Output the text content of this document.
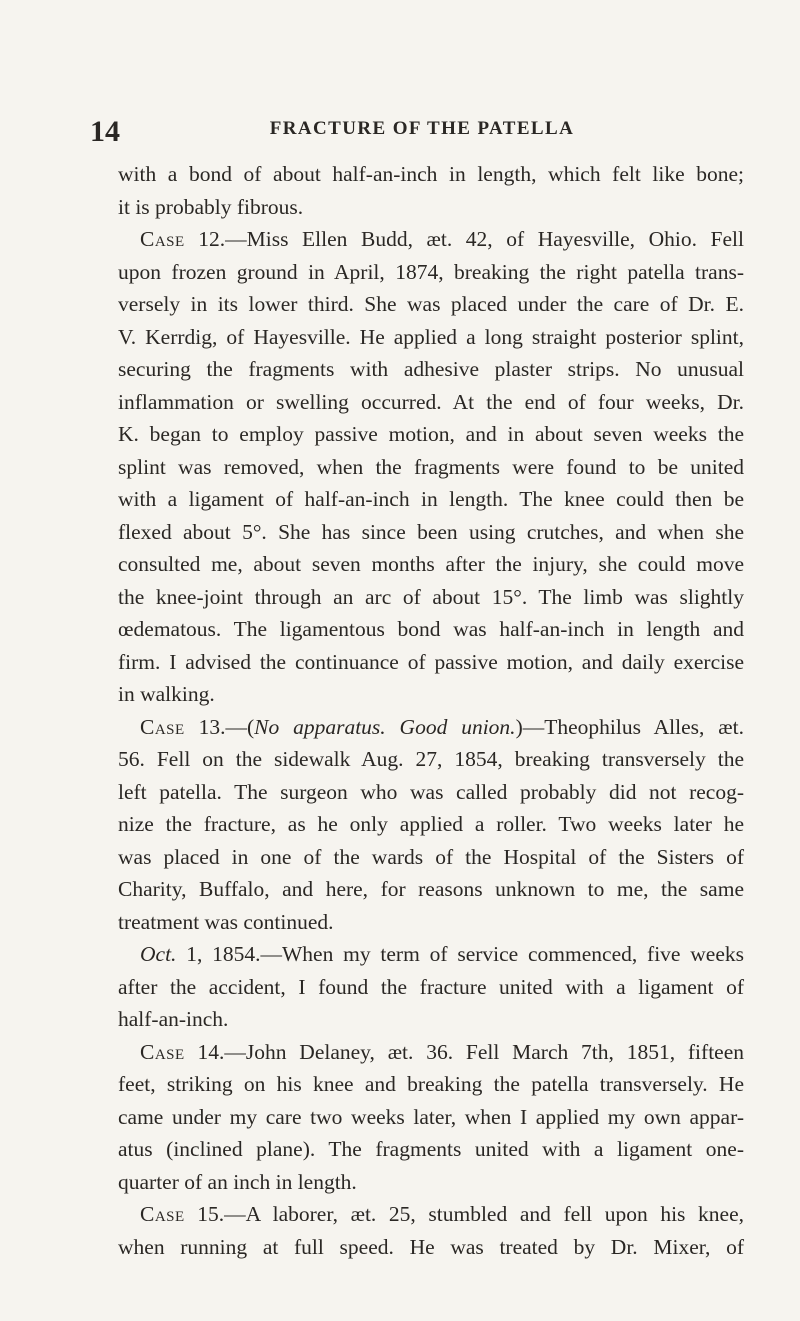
14	FRACTURE OF THE PATELLA
with a bond of about half-an-inch in length, which felt like bone;
it is probably fibrous.
Case 12.—Miss Ellen Budd, æt. 42, of Hayesville, Ohio. Fell
upon frozen ground in April, 1874, breaking the right patella trans-
versely in its lower third. She was placed under the care of Dr. E.
V. Kerrdig, of Hayesville. He applied a long straight posterior splint,
securing the fragments with adhesive plaster strips. No unusual
inflammation or swelling occurred. At the end of four weeks, Dr.
K. began to employ passive motion, and in about seven weeks the
splint was removed, when the fragments were found to be united
with a ligament of half-an-inch in length. The knee could then be
flexed about 5°. She has since been using crutches, and when she
consulted me, about seven months after the injury, she could move
the knee-joint through an arc of about 15°. The limb was slightly
œdematous. The ligamentous bond was half-an-inch in length and
firm. I advised the continuance of passive motion, and daily exercise
in walking.
Case 13.—(No apparatus. Good union.)—Theophilus Alles, æt.
56. Fell on the sidewalk Aug. 27, 1854, breaking transversely the
left patella. The surgeon who was called probably did not recog-
nize the fracture, as he only applied a roller. Two weeks later he
was placed in one of the wards of the Hospital of the Sisters of
Charity, Buffalo, and here, for reasons unknown to me, the same
treatment was continued.
Oct. 1, 1854.—When my term of service commenced, five weeks
after the accident, I found the fracture united with a ligament of
half-an-inch.
Case 14.—John Delaney, æt. 36. Fell March 7th, 1851, fifteen
feet, striking on his knee and breaking the patella transversely. He
came under my care two weeks later, when I applied my own appar-
atus (inclined plane). The fragments united with a ligament one-
quarter of an inch in length.
Case 15.—A laborer, æt. 25, stumbled and fell upon his knee,
when running at full speed. He was treated by Dr. Mixer, of
